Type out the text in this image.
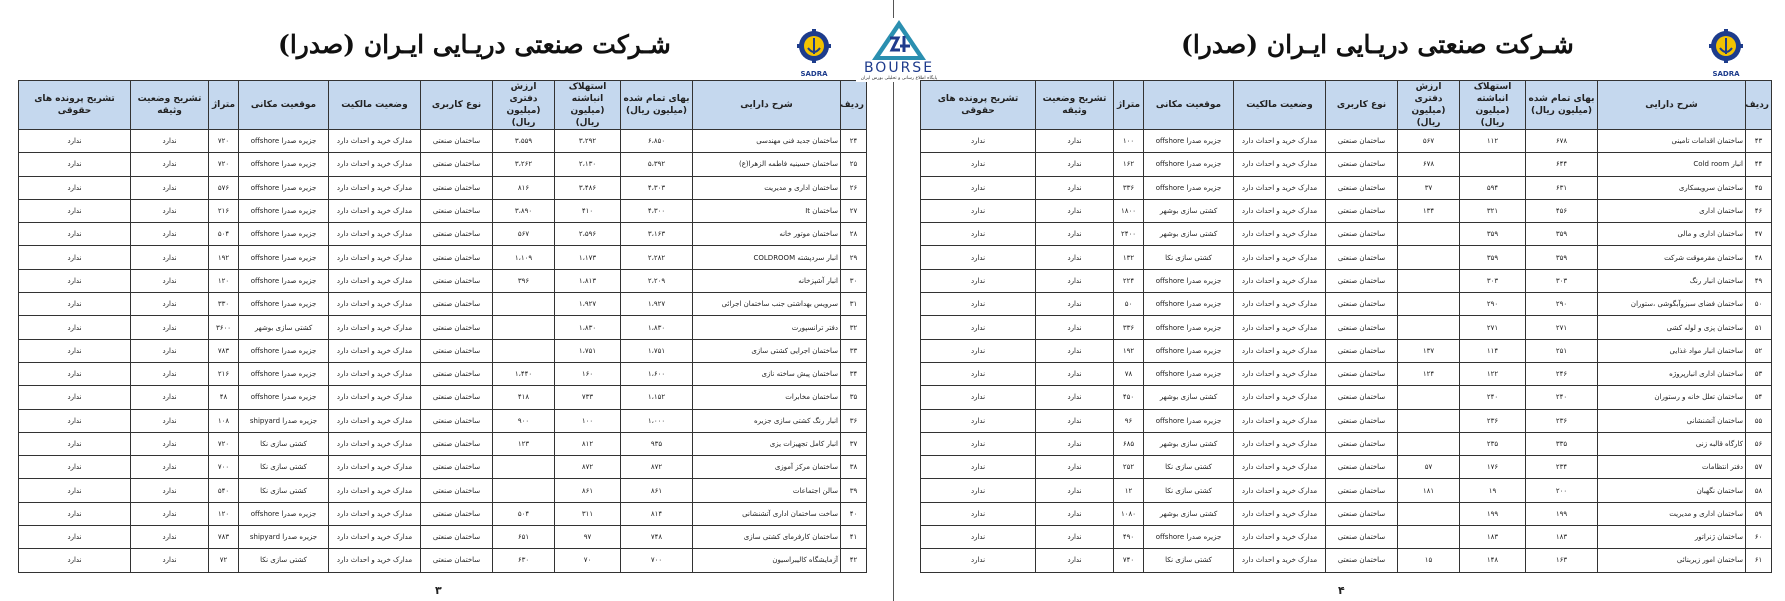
شـرکت صنعتی دریـایی ایـران (صدرا)
SADRA
ردیف	شرح دارایی	بهای تمام شده (میلیون ریال)	استهلاک انباشته (میلیون ریال)	ارزش دفتری (میلیون ریال)	نوع کاربری	وضعیت مالکیت	موقعیت مکانی	متراژ	تشریح وضعیت وثیقه	تشریح پرونده های حقوقی
۲۴	ساختمان جدید فنی مهندسی	۶،۸۵۰	۳،۲۹۲	۳،۵۵۹	ساختمان صنعتی	مدارک خرید و احداث دارد	جزیره صدرا offshore	۷۲۰	ندارد	ندارد
۲۵	ساختمان حسینیه فاطمه الزهرا(ع)	۵،۳۹۲	۲،۱۳۰	۳،۲۶۲	ساختمان صنعتی	مدارک خرید و احداث دارد	جزیره صدرا offshore	۷۲۰	ندارد	ندارد
۲۶	ساختمان اداری و مدیریت	۴،۳۰۳	۳،۴۸۶	۸۱۶	ساختمان صنعتی	مدارک خرید و احداث دارد	جزیره صدرا offshore	۵۷۶	ندارد	ندارد
۲۷	ساختمان It	۴،۳۰۰	۴۱۰	۳،۸۹۰	ساختمان صنعتی	مدارک خرید و احداث دارد	جزیره صدرا offshore	۲۱۶	ندارد	ندارد
۲۸	ساختمان موتور خانه	۳،۱۶۳	۲،۵۹۶	۵۶۷	ساختمان صنعتی	مدارک خرید و احداث دارد	جزیره صدرا offshore	۵۰۴	ندارد	ندارد
۲۹	انبار سردپشته COLDROOM	۲،۲۸۲	۱،۱۷۳	۱،۱۰۹	ساختمان صنعتی	مدارک خرید و احداث دارد	جزیره صدرا offshore	۱۹۲	ندارد	ندارد
۳۰	انبار آشپزخانه	۲،۲۰۹	۱،۸۱۳	۳۹۶	ساختمان صنعتی	مدارک خرید و احداث دارد	جزیره صدرا offshore	۱۲۰	ندارد	ندارد
۳۱	سرویس بهداشتی جنب ساختمان اجرائی	۱،۹۲۷	۱،۹۲۷		ساختمان صنعتی	مدارک خرید و احداث دارد	جزیره صدرا offshore	۳۳۰	ندارد	ندارد
۳۲	دفتر ترانسپورت	۱،۸۳۰	۱،۸۳۰		ساختمان صنعتی	مدارک خرید و احداث دارد	کشتی سازی بوشهر	۳۶۰۰	ندارد	ندارد
۳۳	ساختمان اجرایی کشتی سازی	۱،۷۵۱	۱،۷۵۱		ساختمان صنعتی	مدارک خرید و احداث دارد	جزیره صدرا offshore	۷۸۳	ندارد	ندارد
۳۴	ساختمان پیش ساخته نازی	۱،۶۰۰	۱۶۰	۱،۴۴۰	ساختمان صنعتی	مدارک خرید و احداث دارد	جزیره صدرا offshore	۲۱۶	ندارد	ندارد
۳۵	ساختمان مخابرات	۱،۱۵۲	۷۳۳	۴۱۸	ساختمان صنعتی	مدارک خرید و احداث دارد	جزیره صدرا offshore	۴۸	ندارد	ندارد
۳۶	انبار رنگ کشتی سازی جزیره	۱،۰۰۰	۱۰۰	۹۰۰	ساختمان صنعتی	مدارک خرید و احداث دارد	جزیره صدرا shipyard	۱۰۸	ندارد	ندارد
۳۷	انبار کامل تجهیزات یزی	۹۳۵	۸۱۲	۱۲۳	ساختمان صنعتی	مدارک خرید و احداث دارد	کشتی سازی نکا	۷۲۰	ندارد	ندارد
۳۸	ساختمان مرکز آموزی	۸۷۲	۸۷۲		ساختمان صنعتی	مدارک خرید و احداث دارد	کشتی سازی نکا	۷۰۰	ندارد	ندارد
۳۹	سالن اجتماعات	۸۶۱	۸۶۱		ساختمان صنعتی	مدارک خرید و احداث دارد	کشتی سازی نکا	۵۴۰	ندارد	ندارد
۴۰	ساخت ساختمان اداری آتشنشانی	۸۱۴	۳۱۱	۵۰۴	ساختمان صنعتی	مدارک خرید و احداث دارد	جزیره صدرا offshore	۱۲۰	ندارد	ندارد
۴۱	ساختمان کارفرمای کشتی سازی	۷۴۸	۹۷	۶۵۱	ساختمان صنعتی	مدارک خرید و احداث دارد	جزیره صدرا shipyard	۷۸۳	ندارد	ندارد
۴۲	آزمایشگاه کالیبراسیون	۷۰۰	۷۰	۶۳۰	ساختمان صنعتی	مدارک خرید و احداث دارد	کشتی سازی نکا	۷۲	ندارد	ندارد
۳
BOURSE
پایگاه اطلاع رسانی و تحلیلی بورس ایران
شـرکت صنعتی دریـایی ایـران (صدرا)
SADRA
ردیف	شرح دارایی	بهای تمام شده (میلیون ریال)	استهلاک انباشته (میلیون ریال)	ارزش دفتری (میلیون ریال)	نوع کاربری	وضعیت مالکیت	موقعیت مکانی	متراژ	تشریح وضعیت وثیقه	تشریح پرونده های حقوقی
۴۳	ساختمان اقدامات تامینی	۶۷۸	۱۱۲	۵۶۷	ساختمان صنعتی	مدارک خرید و احداث دارد	جزیره صدرا offshore	۱۰۰	ندارد	ندارد
۴۴	انبار Cold room	۶۴۴		۶۷۸	ساختمان صنعتی	مدارک خرید و احداث دارد	جزیره صدرا offshore	۱۶۲	ندارد	ندارد
۴۵	ساختمان سرویسکاری	۶۳۱	۵۹۴	۳۷	ساختمان صنعتی	مدارک خرید و احداث دارد	جزیره صدرا offshore	۳۳۶	ندارد	ندارد
۴۶	ساختمان اداری	۴۵۶	۳۲۱	۱۳۴	ساختمان صنعتی	مدارک خرید و احداث دارد	کشتی سازی بوشهر	۱۸۰۰	ندارد	ندارد
۴۷	ساختمان اداری و مالی	۳۵۹	۳۵۹		ساختمان صنعتی	مدارک خرید و احداث دارد	کشتی سازی بوشهر	۲۴۰۰	ندارد	ندارد
۴۸	ساختمان مقرموقت شرکت	۳۵۹	۳۵۹		ساختمان صنعتی	مدارک خرید و احداث دارد	کشتی سازی نکا	۱۳۲	ندارد	ندارد
۴۹	ساختمان انبار رنگ	۳۰۳	۳۰۳		ساختمان صنعتی	مدارک خرید و احداث دارد	جزیره صدرا offshore	۲۲۴	ندارد	ندارد
۵۰	ساختمان فضای سبزوآبگوشی ،ستوران	۲۹۰	۲۹۰		ساختمان صنعتی	مدارک خرید و احداث دارد	جزیره صدرا offshore	۵۰	ندارد	ندارد
۵۱	ساختمان پزی و لوله کشی	۲۷۱	۲۷۱		ساختمان صنعتی	مدارک خرید و احداث دارد	جزیره صدرا offshore	۳۳۶	ندارد	ندارد
۵۲	ساختمان انبار مواد غذایی	۲۵۱	۱۱۴	۱۳۷	ساختمان صنعتی	مدارک خرید و احداث دارد	جزیره صدرا offshore	۱۹۲	ندارد	ندارد
۵۳	ساختمان اداری انبارپروژه	۲۴۶	۱۲۲	۱۲۴	ساختمان صنعتی	مدارک خرید و احداث دارد	جزیره صدرا offshore	۷۸	ندارد	ندارد
۵۴	ساختمان تعلل خانه و رستوران	۲۴۰	۲۴۰		ساختمان صنعتی	مدارک خرید و احداث دارد	کشتی سازی بوشهر	۴۵۰	ندارد	ندارد
۵۵	ساختمان آتشنشانی	۲۳۶	۲۳۶		ساختمان صنعتی	مدارک خرید و احداث دارد	جزیره صدرا offshore	۹۶	ندارد	ندارد
۵۶	کارگاه قالبه زنی	۳۳۵	۲۳۵		ساختمان صنعتی	مدارک خرید و احداث دارد	کشتی سازی بوشهر	۶۸۵	ندارد	ندارد
۵۷	دفتر انتظامات	۲۳۴	۱۷۶	۵۷	ساختمان صنعتی	مدارک خرید و احداث دارد	کشتی سازی نکا	۲۵۲	ندارد	ندارد
۵۸	ساختمان نگهبان	۲۰۰	۱۹	۱۸۱	ساختمان صنعتی	مدارک خرید و احداث دارد	کشتی سازی نکا	۱۲	ندارد	ندارد
۵۹	ساختمان اداری و مدیریت	۱۹۹	۱۹۹		ساختمان صنعتی	مدارک خرید و احداث دارد	کشتی سازی بوشهر	۱۰۸۰	ندارد	ندارد
۶۰	ساختمان ژنراتور	۱۸۳	۱۸۳		ساختمان صنعتی	مدارک خرید و احداث دارد	جزیره صدرا offshore	۴۹۰	ندارد	ندارد
۶۱	ساختمان امور زیربنائی	۱۶۳	۱۴۸	۱۵	ساختمان صنعتی	مدارک خرید و احداث دارد	کشتی سازی نکا	۷۴۰	ندارد	ندارد
۴
